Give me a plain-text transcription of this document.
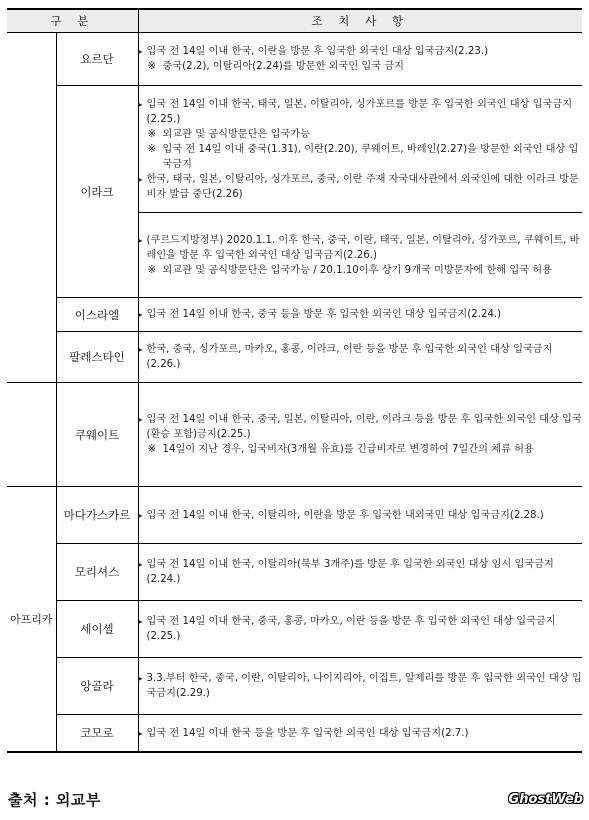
구 분		조 치 사 항
	요르단	▸ 입국 전 14일 이내 한국, 이란을 방문 후 입국한 외국인 대상 입국금지(2.23.)
※ 중국(2.2), 이탈리아(2.24)를 방문한 외국인 입국 금지

	이라크	▸ 입국 전 14일 이내 한국, 태국, 일본, 이탈리아, 싱가포르를 방문 후 입국한 외국인 대상 입국금지(2.25.)
※ 외교관 및 공식방문단은 입국가능
※ 입국 전 14일 이내 중국(1.31), 이란(2.20), 쿠웨이트, 바레인(2.27)을 방문한 외국인 대상 입국금지
▸ 한국, 태국, 일본, 이탈리아, 싱가포르, 중국, 이란 주재 자국대사관에서 외국인에 대한 이라크 방문비자 발급 중단(2.26)

		▸ (쿠르드지방정부) 2020.1.1. 이후 한국, 중국, 이란, 태국, 일본, 이탈리아, 싱가포르, 쿠웨이트, 바레인을 방문 후 입국한 외국인 대상 입국금지(2.26.)
※ 외교관 및 공식방문단은 입국가능 / 20.1.10이후 상기 9개국 미방문자에 한해 입국 허용

	이스라엘	▸ 입국 전 14일 이내 한국, 중국 등을 방문 후 입국한 외국인 대상 입국금지(2.24.)

	팔레스타인	▸ 한국, 중국, 싱가포르, 마카오, 홍콩, 이라크, 이란 등을 방문 후 입국한 외국인 대상 입국금지(2.26.)

	쿠웨이트	▸ 입국 전 14일 이내 한국, 중국, 일본, 이탈리아, 이란, 이라크 등을 방문 후 입국한 외국인 대상 입국(환승 포함)금지(2.25.)
※ 14일이 지난 경우, 입국비자(3개월 유효)를 긴급비자로 변경하여 7일간의 체류 허용

아프리카	마다가스카르	▸ 입국 전 14일 이내 한국, 이탈리아, 이란을 방문 후 입국한 내외국민 대상 입국금지(2.28.)

	모리셔스	▸ 입국 전 14일 이내 한국, 이탈리아(북부 3개주)를 방문 후 입국한 외국인 대상 임시 입국금지(2.24.)

	세이셸	▸ 입국 전 14일 이내 한국, 중국, 홍콩, 마카오, 이란 등을 방문 후 입국한 외국인 대상 입국금지(2.25.)

	앙골라	▸ 3.3.부터 한국, 중국, 이란, 이탈리아, 나이지리아, 이집트, 알제리를 방문 후 입국한 외국인 대상 입국금지(2.29.)

	코모로	▸ 입국 전 14일 이내 한국 등을 방문 후 입국한 외국인 대상 입국금지(2.7.)
출처 : 외교부	GhostWeb
